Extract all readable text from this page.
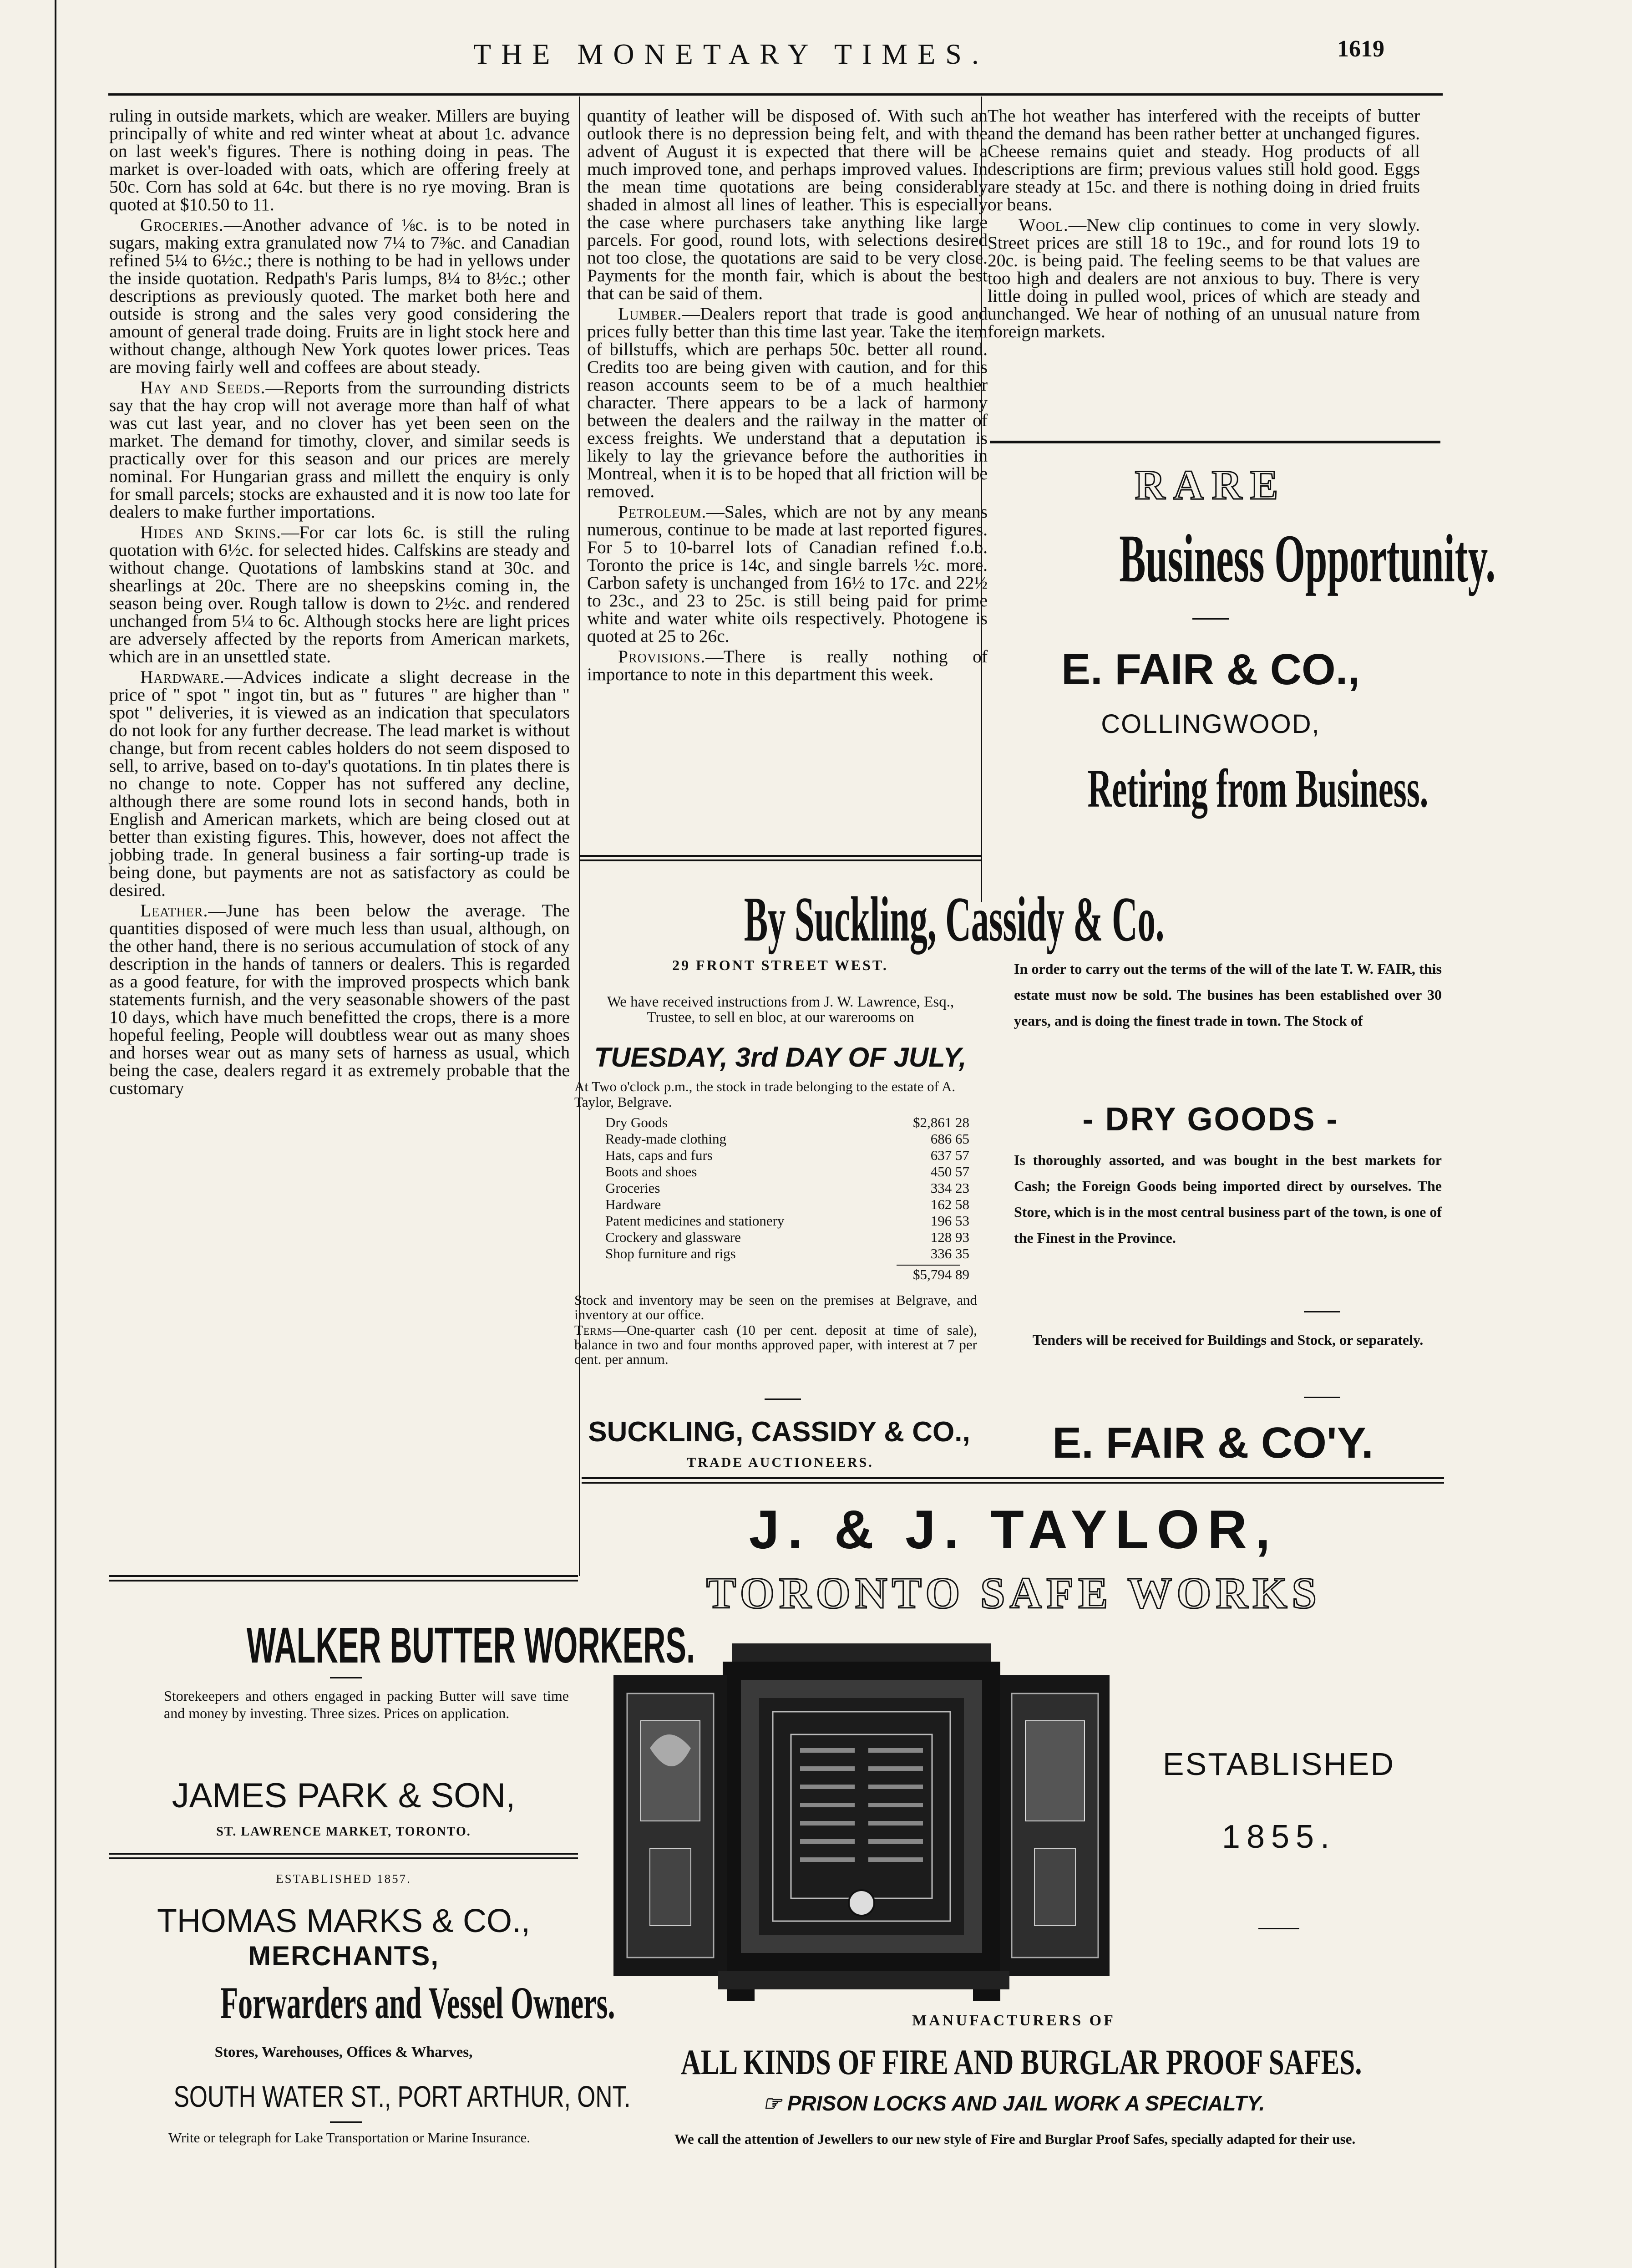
THE MONETARY TIMES.	1619

ruling in outside markets, which are weaker. Millers are buying principally of white and red winter wheat at about 1c. advance on last week's figures. There is nothing doing in peas. The market is over-loaded with oats, which are offering freely at 50c. Corn has sold at 64c. but there is no rye moving. Bran is quoted at $10.50 to 11.

Groceries.—Another advance of ⅛c. is to be noted in sugars, making extra granulated now 7¼ to 7⅜c. and Canadian refined 5¼ to 6½c.; there is nothing to be had in yellows under the inside quotation. Redpath's Paris lumps, 8¼ to 8½c.; other descriptions as previously quoted. The market both here and outside is strong and the sales very good considering the amount of general trade doing. Fruits are in light stock here and without change, although New York quotes lower prices. Teas are moving fairly well and coffees are about steady.

Hay and Seeds.—Reports from the surrounding districts say that the hay crop will not average more than half of what was cut last year, and no clover has yet been seen on the market. The demand for timothy, clover, and similar seeds is practically over for this season and our prices are merely nominal. For Hungarian grass and millett the enquiry is only for small parcels; stocks are exhausted and it is now too late for dealers to make further importations.

Hides and Skins.—For car lots 6c. is still the ruling quotation with 6½c. for selected hides. Calfskins are steady and without change. Quotations of lambskins stand at 30c. and shearlings at 20c. There are no sheepskins coming in, the season being over. Rough tallow is down to 2½c. and rendered unchanged from 5¼ to 6c. Although stocks here are light prices are adversely affected by the reports from American markets, which are in an unsettled state.

Hardware.—Advices indicate a slight decrease in the price of " spot " ingot tin, but as " futures " are higher than " spot " deliveries, it is viewed as an indication that speculators do not look for any further decrease. The lead market is without change, but from recent cables holders do not seem disposed to sell, to arrive, based on to-day's quotations. In tin plates there is no change to note. Copper has not suffered any decline, although there are some round lots in second hands, both in English and American markets, which are being closed out at better than existing figures. This, however, does not affect the jobbing trade. In general business a fair sorting-up trade is being done, but payments are not as satisfactory as could be desired.

Leather.—June has been below the average. The quantities disposed of were much less than usual, although, on the other hand, there is no serious accumulation of stock of any description in the hands of tanners or dealers. This is regarded as a good feature, for with the improved prospects which bank statements furnish, and the very seasonable showers of the past 10 days, which have much benefitted the crops, there is a more hopeful feeling, People will doubtless wear out as many shoes and horses wear out as many sets of harness as usual, which being the case, dealers regard it as extremely probable that the customary

quantity of leather will be disposed of. With such an outlook there is no depression being felt, and with the advent of August it is expected that there will be a much improved tone, and perhaps improved values. In the mean time quotations are being considerably shaded in almost all lines of leather. This is especially the case where purchasers take anything like large parcels. For good, round lots, with selections desired not too close, the quotations are said to be very close. Payments for the month fair, which is about the best that can be said of them.

Lumber.—Dealers report that trade is good and prices fully better than this time last year. Take the item of billstuffs, which are perhaps 50c. better all round. Credits too are being given with caution, and for this reason accounts seem to be of a much healthier character. There appears to be a lack of harmony between the dealers and the railway in the matter of excess freights. We understand that a deputation is likely to lay the grievance before the authorities in Montreal, when it is to be hoped that all friction will be removed.

Petroleum.—Sales, which are not by any means numerous, continue to be made at last reported figures. For 5 to 10-barrel lots of Canadian refined f.o.b. Toronto the price is 14c, and single barrels ½c. more. Carbon safety is unchanged from 16½ to 17c. and 22½ to 23c., and 23 to 25c. is still being paid for prime white and water white oils respectively. Photogene is quoted at 25 to 26c.

Provisions.—There is really nothing of importance to note in this department this week.

The hot weather has interfered with the receipts of butter and the demand has been rather better at unchanged figures. Cheese remains quiet and steady. Hog products of all descriptions are firm; previous values still hold good. Eggs are steady at 15c. and there is nothing doing in dried fruits or beans.

Wool.—New clip continues to come in very slowly. Street prices are still 18 to 19c., and for round lots 19 to 20c. is being paid. The feeling seems to be that values are too high and dealers are not anxious to buy. There is very little doing in pulled wool, prices of which are steady and unchanged. We hear of nothing of an unusual nature from foreign markets.

RARE
Business Opportunity.
E. FAIR & CO.,
COLLINGWOOD,
Retiring from Business.
In order to carry out the terms of the will of the late T. W. FAIR, this estate must now be sold. The busines has been established over 30 years, and is doing the finest trade in town. The Stock of
- DRY GOODS -
Is thoroughly assorted, and was bought in the best markets for Cash; the Foreign Goods being imported direct by ourselves. The Store, which is in the most central business part of the town, is one of the Finest in the Province.
Tenders will be received for Buildings and Stock, or separately.
E. FAIR & CO'Y.
By Suckling, Cassidy & Co.
29 FRONT STREET WEST.
We have received instructions from J. W. Lawrence, Esq., Trustee, to sell en bloc, at our warerooms on
TUESDAY, 3rd DAY OF JULY,
At Two o'clock p.m., the stock in trade belonging to the estate of A. Taylor, Belgrave.
Dry Goods	$2,861 28
Ready-made clothing	686 65
Hats, caps and furs	637 57
Boots and shoes	450 57
Groceries	334 23
Hardware	162 58
Patent medicines and stationery	196 53
Crockery and glassware	128 93
Shop furniture and rigs	336 35
$5,794 89
Stock and inventory may be seen on the premises at Belgrave, and inventory at our office.
Terms—One-quarter cash (10 per cent. deposit at time of sale), balance in two and four months approved paper, with interest at 7 per cent. per annum.
SUCKLING, CASSIDY & CO.,
TRADE AUCTIONEERS.
WALKER BUTTER WORKERS.
Storekeepers and others engaged in packing Butter will save time and money by investing. Three sizes. Prices on application.
JAMES PARK & SON,
ST. LAWRENCE MARKET, TORONTO.
ESTABLISHED 1857.
THOMAS MARKS & CO.,
MERCHANTS,
Forwarders and Vessel Owners.
Stores, Warehouses, Offices & Wharves,
SOUTH WATER ST., PORT ARTHUR, ONT.
Write or telegraph for Lake Transportation or Marine Insurance.
J. & J. TAYLOR,
TORONTO SAFE WORKS
ESTABLISHED
1855.
MANUFACTURERS OF
ALL KINDS OF FIRE AND BURGLAR PROOF SAFES.
☞ PRISON LOCKS AND JAIL WORK A SPECIALTY.
We call the attention of Jewellers to our new style of Fire and Burglar Proof Safes, specially adapted for their use.
